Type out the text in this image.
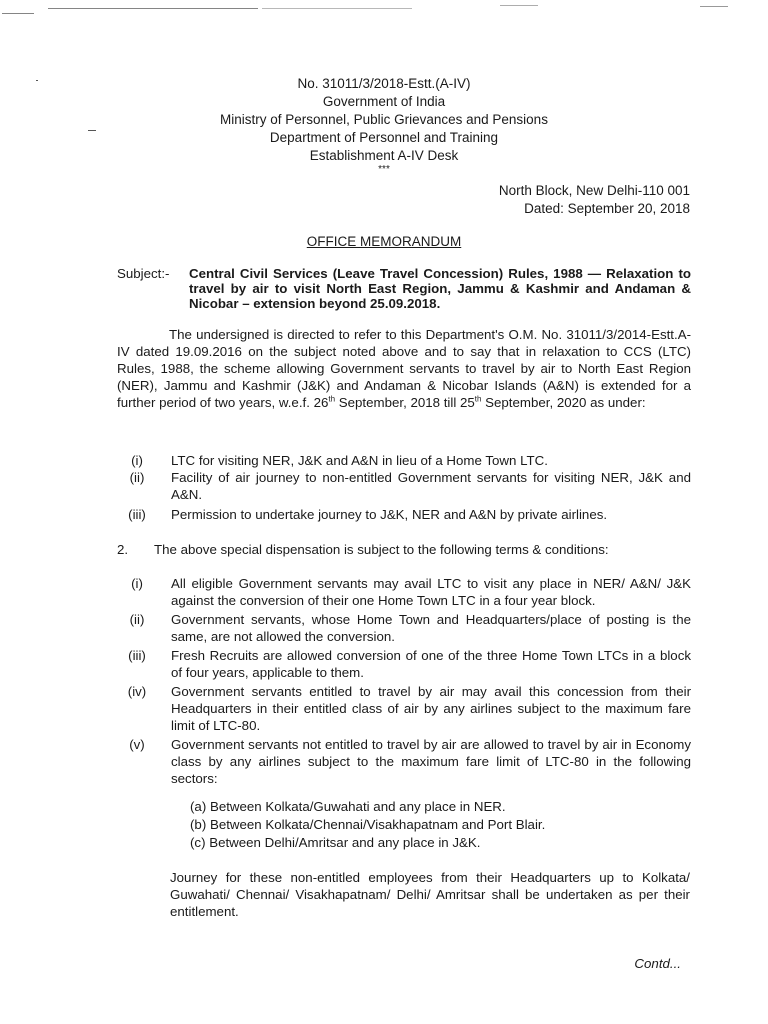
No. 31011/3/2018-Estt.(A-IV)
Government of India
Ministry of Personnel, Public Grievances and Pensions
Department of Personnel and Training
Establishment A-IV Desk
***
North Block, New Delhi-110 001
Dated: September 20, 2018
OFFICE MEMORANDUM
Subject:- Central Civil Services (Leave Travel Concession) Rules, 1988 — Relaxation to travel by air to visit North East Region, Jammu & Kashmir and Andaman & Nicobar – extension beyond 25.09.2018.
The undersigned is directed to refer to this Department's O.M. No. 31011/3/2014-Estt.A-IV dated 19.09.2016 on the subject noted above and to say that in relaxation to CCS (LTC) Rules, 1988, the scheme allowing Government servants to travel by air to North East Region (NER), Jammu and Kashmir (J&K) and Andaman & Nicobar Islands (A&N) is extended for a further period of two years, w.e.f. 26th September, 2018 till 25th September, 2020 as under:
(i)	LTC for visiting NER, J&K and A&N in lieu of a Home Town LTC.
(ii)	Facility of air journey to non-entitled Government servants for visiting NER, J&K and A&N.
(iii)	Permission to undertake journey to J&K, NER and A&N by private airlines.
2. The above special dispensation is subject to the following terms & conditions:
(i)	All eligible Government servants may avail LTC to visit any place in NER/ A&N/ J&K against the conversion of their one Home Town LTC in a four year block.
(ii)	Government servants, whose Home Town and Headquarters/place of posting is the same, are not allowed the conversion.
(iii)	Fresh Recruits are allowed conversion of one of the three Home Town LTCs in a block of four years, applicable to them.
(iv)	Government servants entitled to travel by air may avail this concession from their Headquarters in their entitled class of air by any airlines subject to the maximum fare limit of LTC-80.
(v)	Government servants not entitled to travel by air are allowed to travel by air in Economy class by any airlines subject to the maximum fare limit of LTC-80 in the following sectors:
(a) Between Kolkata/Guwahati and any place in NER.
(b) Between Kolkata/Chennai/Visakhapatnam and Port Blair.
(c) Between Delhi/Amritsar and any place in J&K.
Journey for these non-entitled employees from their Headquarters up to Kolkata/ Guwahati/ Chennai/ Visakhapatnam/ Delhi/ Amritsar shall be undertaken as per their entitlement.
Contd...
